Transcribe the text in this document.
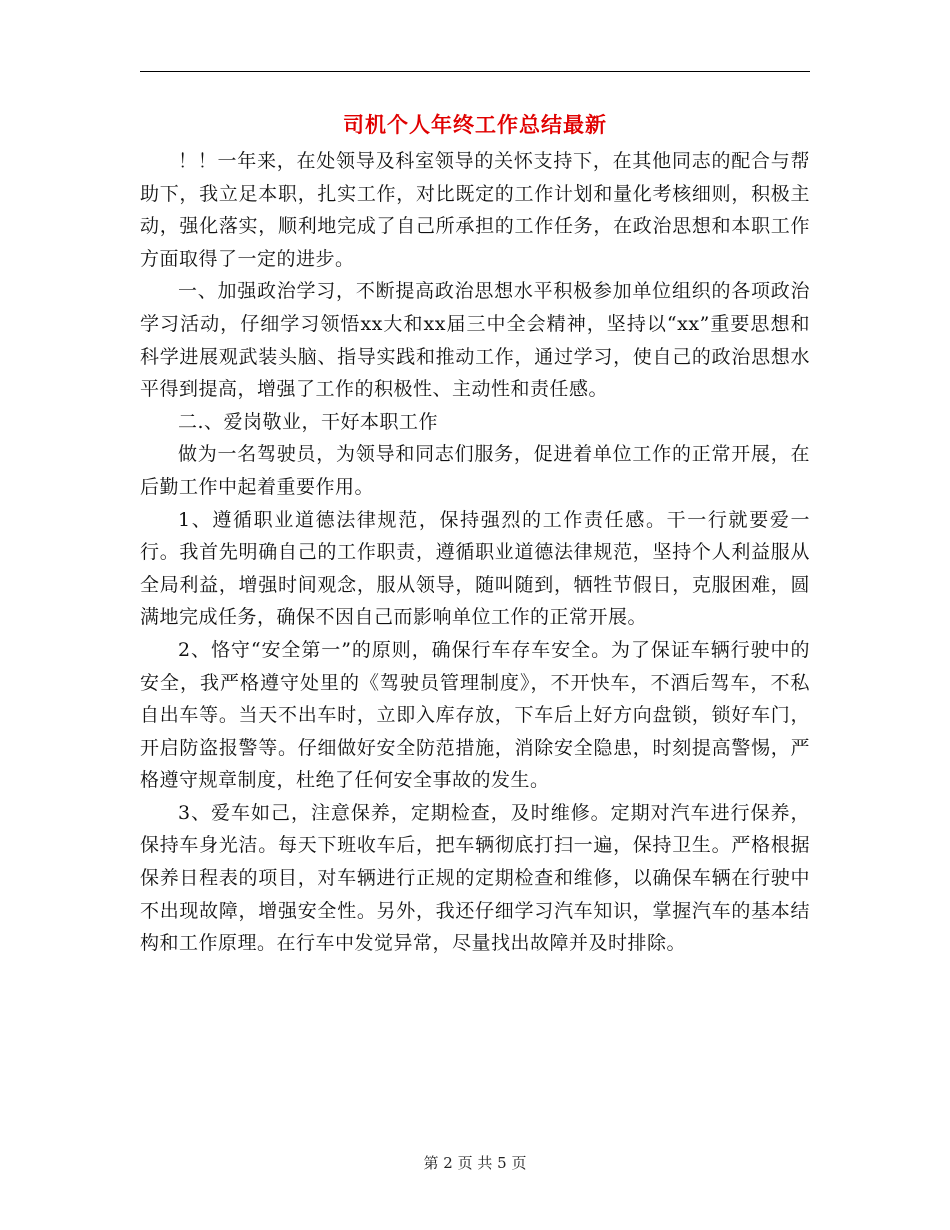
司机个人年终工作总结最新

！！一年来，在处领导及科室领导的关怀支持下，在其他同志的配合与帮助下，我立足本职，扎实工作，对比既定的工作计划和量化考核细则，积极主动，强化落实，顺利地完成了自己所承担的工作任务，在政治思想和本职工作方面取得了一定的进步。

一、加强政治学习，不断提高政治思想水平积极参加单位组织的各项政治学习活动，仔细学习领悟xx大和xx届三中全会精神，坚持以“xx”重要思想和科学进展观武装头脑、指导实践和推动工作，通过学习，使自己的政治思想水平得到提高，增强了工作的积极性、主动性和责任感。

二.、爱岗敬业，干好本职工作

做为一名驾驶员，为领导和同志们服务，促进着单位工作的正常开展，在后勤工作中起着重要作用。

1、遵循职业道德法律规范，保持强烈的工作责任感。干一行就要爱一行。我首先明确自己的工作职责，遵循职业道德法律规范，坚持个人利益服从全局利益，增强时间观念，服从领导，随叫随到，牺牲节假日，克服困难，圆满地完成任务，确保不因自己而影响单位工作的正常开展。

2、恪守“安全第一”的原则，确保行车存车安全。为了保证车辆行驶中的安全，我严格遵守处里的《驾驶员管理制度》，不开快车，不酒后驾车，不私自出车等。当天不出车时，立即入库存放，下车后上好方向盘锁，锁好车门，开启防盗报警等。仔细做好安全防范措施，消除安全隐患，时刻提高警惕，严格遵守规章制度，杜绝了任何安全事故的发生。

3、爱车如己，注意保养，定期检查，及时维修。定期对汽车进行保养，保持车身光洁。每天下班收车后，把车辆彻底打扫一遍，保持卫生。严格根据保养日程表的项目，对车辆进行正规的定期检查和维修，以确保车辆在行驶中不出现故障，增强安全性。另外，我还仔细学习汽车知识，掌握汽车的基本结构和工作原理。在行车中发觉异常，尽量找出故障并及时排除。

第 2 页 共 5 页
